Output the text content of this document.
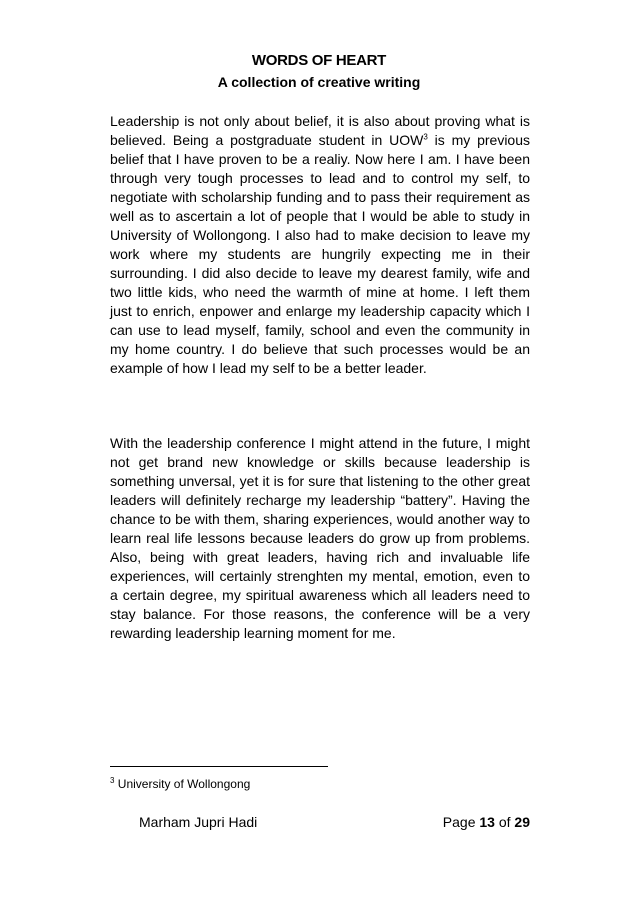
WORDS OF HEART
A collection of creative writing

Leadership is not only about belief, it is also about proving what is believed. Being a postgraduate student in UOW$^3$ is my previous belief that I have proven to be a realiy. Now here I am. I have been through very tough processes to lead and to control my self, to negotiate with scholarship funding and to pass their requirement as well as to ascertain a lot of people that I would be able to study in University of Wollongong. I also had to make decision to leave my work where my students are hungrily expecting me in their surrounding. I did also decide to leave my dearest family, wife and two little kids, who need the warmth of mine at home. I left them just to enrich, enpower and enlarge my leadership capacity which I can use to lead myself, family, school and even the community in my home country. I do believe that such processes would be an example of how I lead my self to be a better leader.

With the leadership conference I might attend in the future, I might not get brand new knowledge or skills because leadership is something unversal, yet it is for sure that listening to the other great leaders will definitely recharge my leadership “battery”. Having the chance to be with them, sharing experiences, would another way to learn real life lessons because leaders do grow up from problems. Also, being with great leaders, having rich and invaluable life experiences, will certainly strenghten my mental, emotion, even to a certain degree, my spiritual awareness which all leaders need to stay balance. For those reasons, the conference will be a very rewarding leadership learning moment for me.

$^3$ University of Wollongong
Marham Jupri Hadi	Page 13 of 29
